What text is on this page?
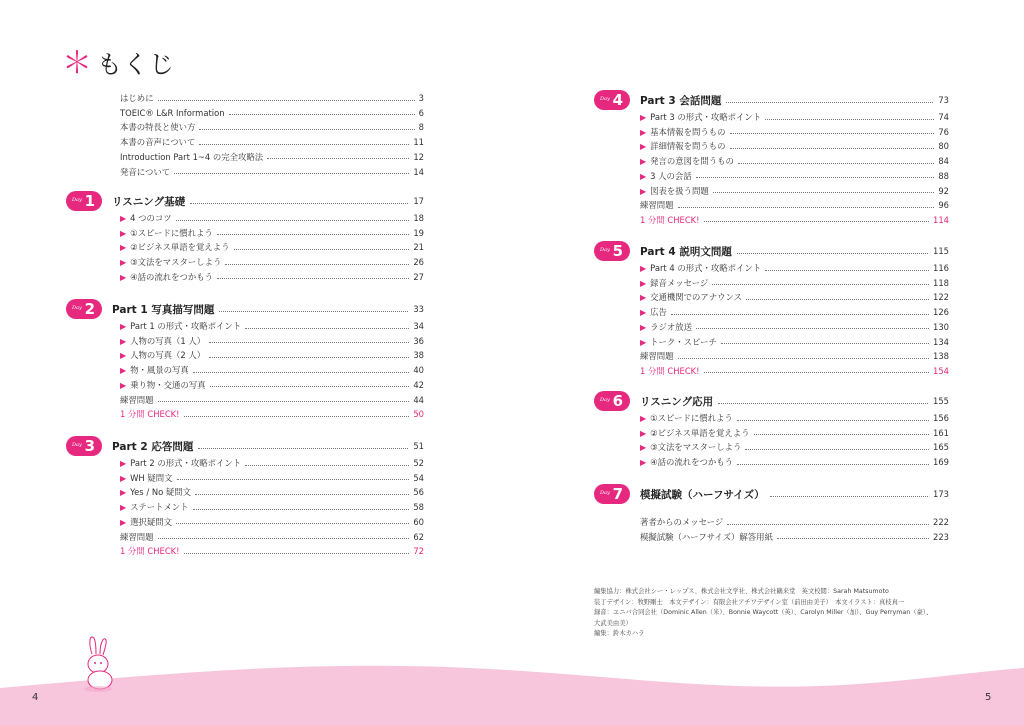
＊ もくじ
はじめに	3
TOEIC® L&R Information	6
本書の特長と使い方	8
本書の音声について	11
Introduction Part 1~4 の完全攻略法	12
発音について	14
Day 1 リスニング基礎	17
▶ 4 つのコツ	18
▶ ①スピードに慣れよう	19
▶ ②ビジネス単語を覚えよう	21
▶ ③文法をマスターしよう	26
▶ ④話の流れをつかもう	27
Day 2 Part 1 写真描写問題	33
▶ Part 1 の形式・攻略ポイント	34
▶ 人物の写真（1 人）	36
▶ 人物の写真（2 人）	38
▶ 物・風景の写真	40
▶ 乗り物・交通の写真	42
練習問題	44
1 分間 CHECK!	50
Day 3 Part 2 応答問題	51
▶ Part 2 の形式・攻略ポイント	52
▶ WH 疑問文	54
▶ Yes / No 疑問文	56
▶ ステートメント	58
▶ 選択疑問文	60
練習問題	62
1 分間 CHECK!	72
Day 4 Part 3 会話問題	73
▶ Part 3 の形式・攻略ポイント	74
▶ 基本情報を問うもの	76
▶ 詳細情報を問うもの	80
▶ 発言の意図を問うもの	84
▶ 3 人の会話	88
▶ 図表を扱う問題	92
練習問題	96
1 分間 CHECK!	114
Day 5 Part 4 説明文問題	115
▶ Part 4 の形式・攻略ポイント	116
▶ 録音メッセージ	118
▶ 交通機関でのアナウンス	122
▶ 広告	126
▶ ラジオ放送	130
▶ トーク・スピーチ	134
練習問題	138
1 分間 CHECK!	154
Day 6 リスニング応用	155
▶ ①スピードに慣れよう	156
▶ ②ビジネス単語を覚えよう	161
▶ ③文法をマスターしよう	165
▶ ④話の流れをつかもう	169
Day 7 模擬試験（ハーフサイズ）	173
著者からのメッセージ	222
模擬試験（ハーフサイズ）解答用紙	223
編集協力：株式会社シー・レップス、株式会社文学社、株式会社鷗来堂　英文校閲：Sarah Matsumoto
装丁デザイン：牧野剛士　本文デザイン：有限会社アチワデザイン室（前田由美子）　本文イラスト：真枝真一
録音：ユニバ合同会社（Dominic Allen（米）、Bonnie Waycott（英）、Carolyn Miller（加）、Guy Perryman（豪）、
大武美由美）
編集：鈴木カハラ
4	5
